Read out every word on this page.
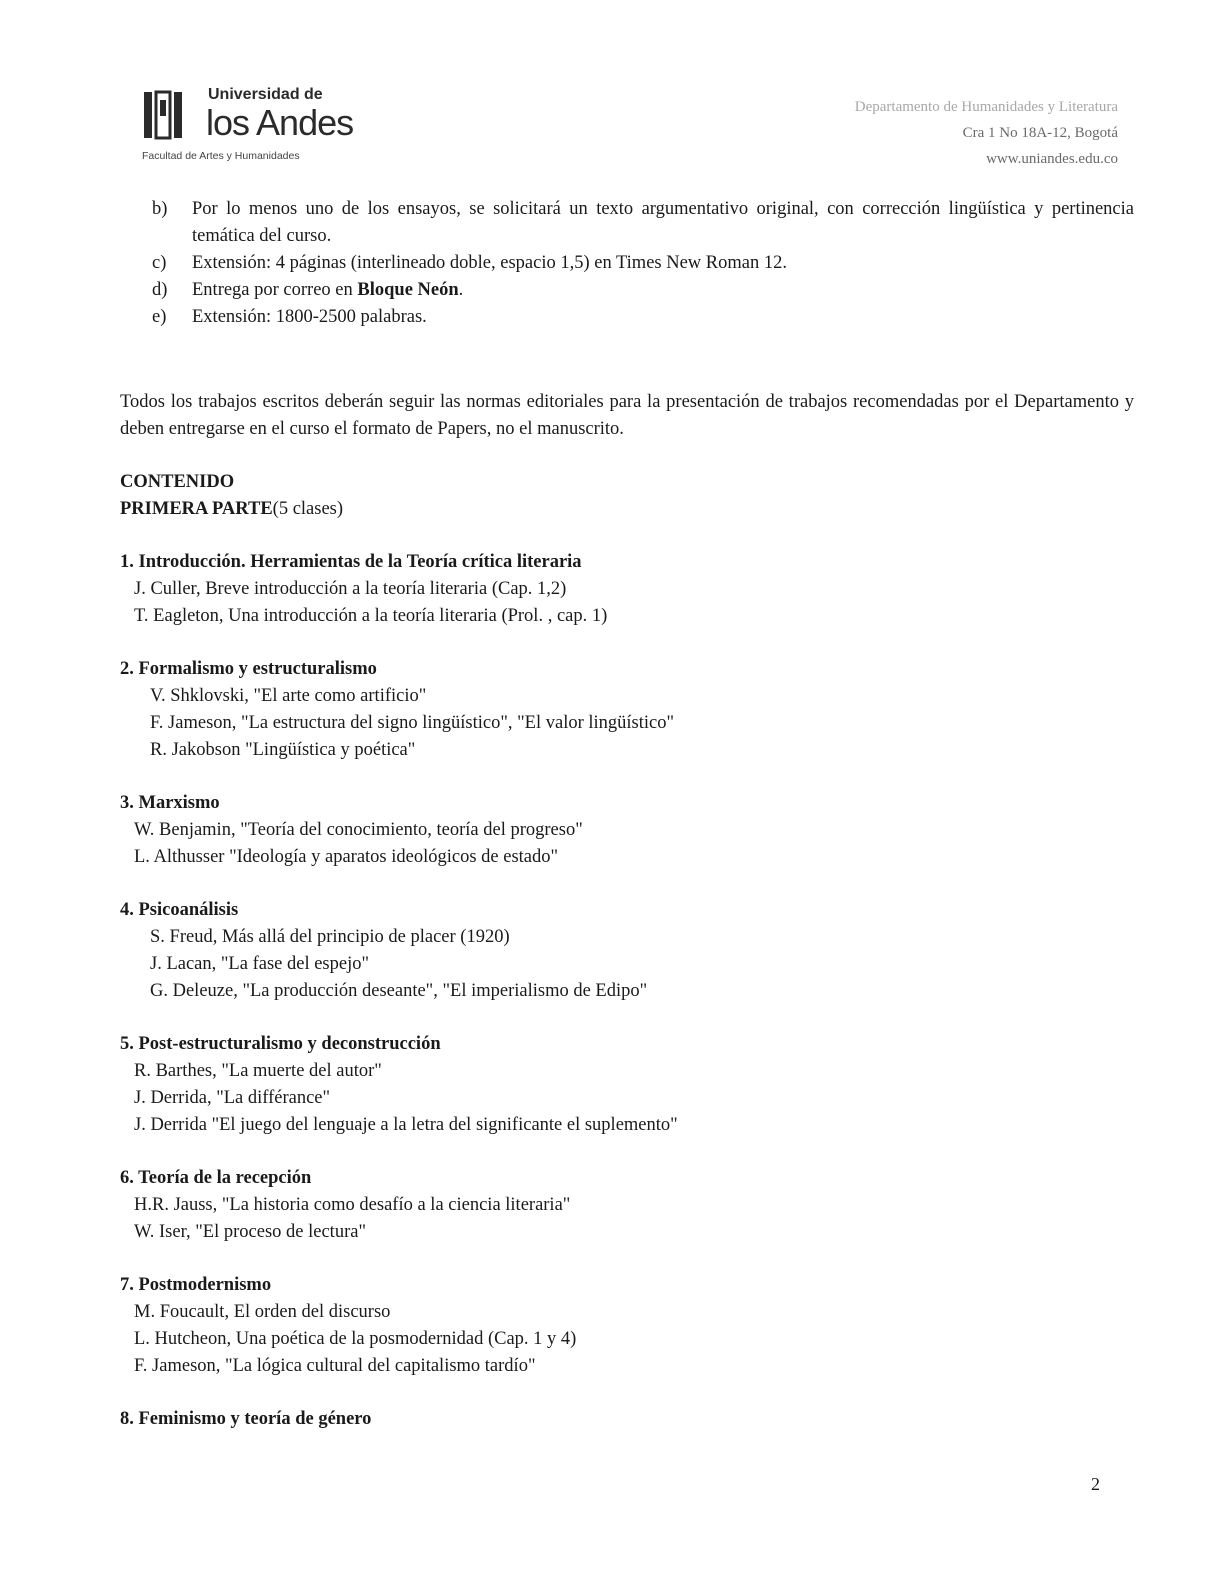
Universidad de
los Andes
Facultad de Artes y Humanidades
Departamento de Humanidades y Literatura
Cra 1 No 18A-12, Bogotá
www.uniandes.edu.co
b) Por lo menos uno de los ensayos, se solicitará un texto argumentativo original, con corrección lingüística y pertinencia temática del curso.
c) Extensión: 4 páginas (interlineado doble, espacio 1,5) en Times New Roman 12.
d) Entrega por correo en Bloque Neón.
e) Extensión: 1800-2500 palabras.

Todos los trabajos escritos deberán seguir las normas editoriales para la presentación de trabajos recomendadas por el Departamento y deben entregarse en el curso el formato de Papers, no el manuscrito.

CONTENIDO
PRIMERA PARTE(5 clases)
1. Introducción. Herramientas de la Teoría crítica literaria
J. Culler, Breve introducción a la teoría literaria (Cap. 1,2)
T. Eagleton, Una introducción a la teoría literaria (Prol. , cap. 1)
2. Formalismo y estructuralismo
V. Shklovski, "El arte como artificio"
F. Jameson, "La estructura del signo lingüístico", "El valor lingüístico"
R. Jakobson "Lingüística y poética"
3. Marxismo
W. Benjamin, "Teoría del conocimiento, teoría del progreso"
L. Althusser "Ideología y aparatos ideológicos de estado"
4. Psicoanálisis
S. Freud, Más allá del principio de placer (1920)
J. Lacan, "La fase del espejo"
G. Deleuze, "La producción deseante", "El imperialismo de Edipo"
5. Post-estructuralismo y deconstrucción
R. Barthes, "La muerte del autor"
J. Derrida, "La différance"
J. Derrida "El juego del lenguaje a la letra del significante el suplemento"
6. Teoría de la recepción
H.R. Jauss, "La historia como desafío a la ciencia literaria"
W. Iser, "El proceso de lectura"
7. Postmodernismo
M. Foucault, El orden del discurso
L. Hutcheon, Una poética de la posmodernidad (Cap. 1 y 4)
F. Jameson, "La lógica cultural del capitalismo tardío"
8. Feminismo y teoría de género
2
